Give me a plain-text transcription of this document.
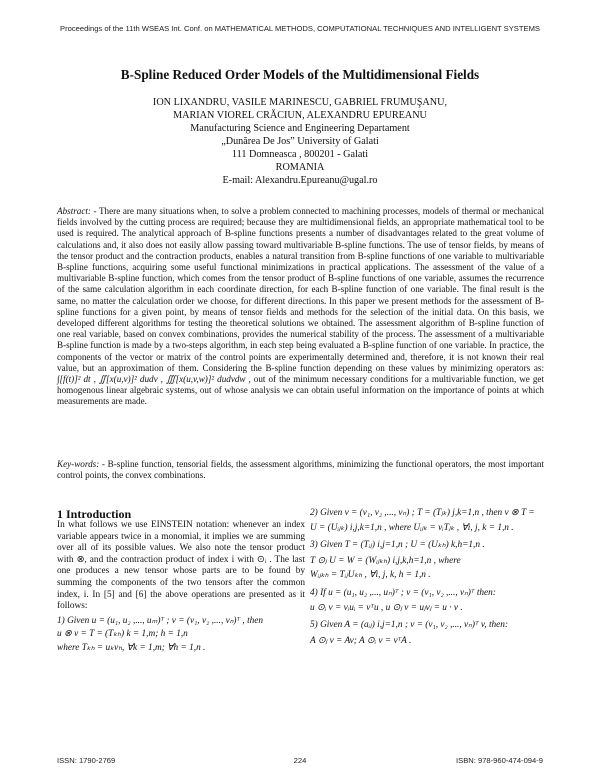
Proceedings of the 11th WSEAS Int. Conf. on MATHEMATICAL METHODS, COMPUTATIONAL TECHNIQUES AND INTELLIGENT SYSTEMS
B-Spline Reduced Order Models of the Multidimensional Fields
ION LIXANDRU, VASILE MARINESCU, GABRIEL FRUMUŞANU,
MARIAN VIOREL CRĂCIUN, ALEXANDRU EPUREANU
Manufacturing Science and Engineering Departament
„Dunărea De Jos” University of Galati
111 Domneasca , 800201 - Galati
ROMANIA
E-mail: Alexandru.Epureanu@ugal.ro

Abstract: - There are many situations when, to solve a problem connected to machining processes, models of thermal or mechanical fields involved by the cutting process are required; because they are multidimensional fields, an appropriate mathematical tool to be used is required. The analytical approach of B-spline functions presents a number of disadvantages related to the great volume of calculations and, it also does not easily allow passing toward multivariable B-spline functions. The use of tensor fields, by means of the tensor product and the contraction products, enables a natural transition from B-spline functions of one variable to multivariable B-spline functions, acquiring some useful functional minimizations in practical applications. The assessment of the value of a multivariable B-spline function, which comes from the tensor product of B-spline functions of one variable, assumes the recurrence of the same calculation algorithm in each coordinate direction, for each B-spline function of one variable. The final result is the same, no matter the calculation order we choose, for different directions. In this paper we present methods for the assessment of B-spline functions for a given point, by means of tensor fields and methods for the selection of the initial data. On this basis, we developed different algorithms for testing the theoretical solutions we obtained. The assessment algorithm of B-spline function of one real variable, based on convex combinations, provides the numerical stability of the process. The assessment of a multivariable B-spline function is made by a two-steps algorithm, in each step being evaluated a B-spline function of one variable. In practice, the components of the vector or matrix of the control points are experimentally determined and, therefore, it is not known their real value, but an approximation of them. Considering the B-spline function depending on these values by minimizing operators as: ∫[f(t)]² dt , ∬[x(u,v)]² dudv , ∭[x(u,v,w)]² dudvdw , out of the minimum necessary conditions for a multivariable function, we get homogenous linear algebraic systems, out of whose analysis we can obtain useful information on the importance of points at which measurements are made.

Key-words: - B-spline function, tensorial fields, the assessment algorithms, minimizing the functional operators, the most important control points, the convex combinations.
1 Introduction

In what follows we use EINSTEIN notation: whenever an index variable appears twice in a monomial, it implies we are summing over all of its possible values. We also note the tensor product with ⊗, and the contraction product of index i with ⊙ᵢ . The last one produces a new tensor whose parts are to be found by summing the components of the two tensors after the common index, i. In [5] and [6] the above operations are presented as it follows:

1) Given u = (u₁, u₂ ,..., uₘ)ᵀ ; v = (v₁, v₂ ,..., vₙ)ᵀ , then
u ⊗ v = T = (Tₖₕ) k = 1,m; h = 1,n
where Tₖₕ = uₖvₕ, ∀k = 1,m; ∀h = 1,n .

2) Given v = (v₁, v₂ ,..., vₙ) ; T = (Tⱼₖ) j,k=1,n , then v ⊗ T =

U = (Uᵢⱼₖ) i,j,k=1,n , where Uᵢⱼₖ = vᵢTⱼₖ , ∀i, j, k = 1,n .

3) Given T = (Tᵢⱼ) i,j=1,n ; U = (Uₖₕ) k,h=1,n .

T ⊙ⱼ U = W = (Wᵢⱼₖₕ) i,j,k,h=1,n , where

Wᵢⱼₖₕ = TᵢⱼUₖₕ , ∀i, j, k, h = 1,n .

4) If u = (u₁, u₂ ,..., uₙ)ᵀ ; v = (v₁, v₂ ,..., vₙ)ᵀ then:

u ⊙ᵢ v = vᵢuᵢ = vᵀu , u ⊙ⱼ v = uⱼvⱼ = u · v .

5) Given A = (aᵢⱼ) i,j=1,n ; v = (v₁, v₂ ,..., vₙ)ᵀ v, then:

A ⊙ⱼ v = Av; A ⊙ᵢ v = vᵀA .

ISSN: 1790-2769	224	ISBN: 978-960-474-094-9
